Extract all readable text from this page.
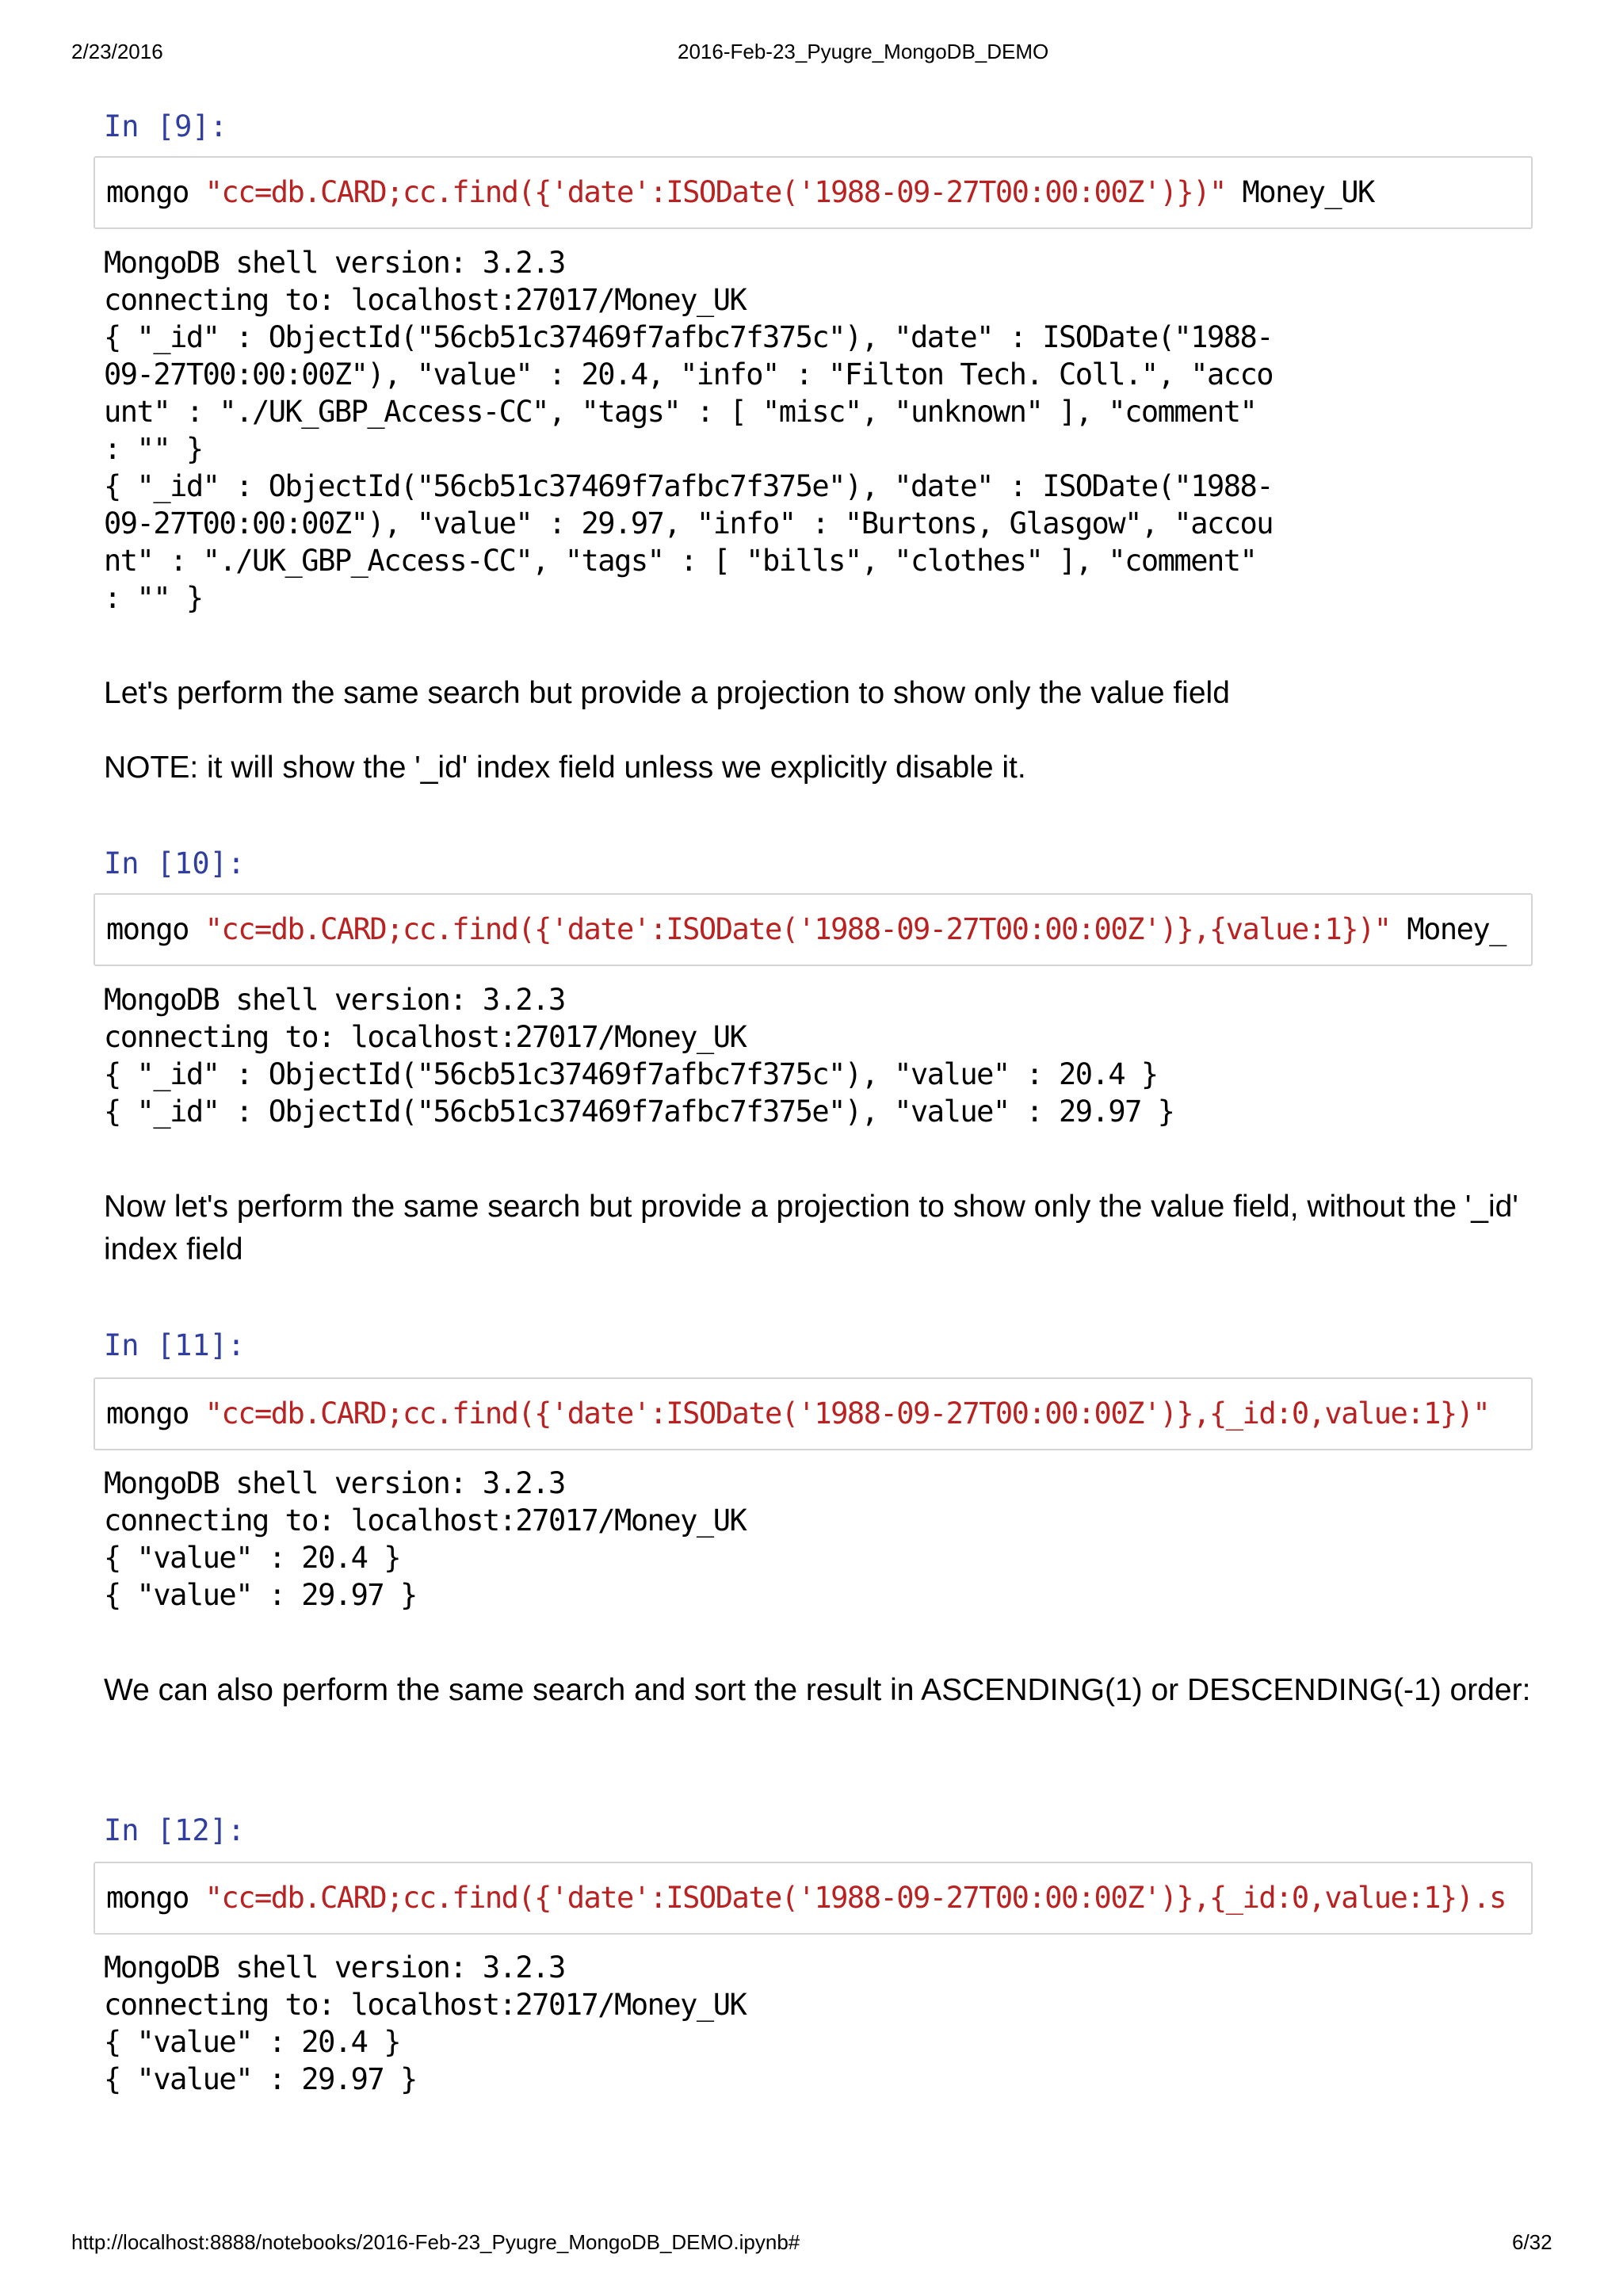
2/23/2016	2016-Feb-23_Pyugre_MongoDB_DEMO
In [9]:
mongo "cc=db.CARD;cc.find({'date':ISODate('1988-09-27T00:00:00Z')})" Money_UK
MongoDB shell version: 3.2.3
connecting to: localhost:27017/Money_UK
{ "_id" : ObjectId("56cb51c37469f7afbc7f375c"), "date" : ISODate("1988-
09-27T00:00:00Z"), "value" : 20.4, "info" : "Filton Tech. Coll.", "acco
unt" : "./UK_GBP_Access-CC", "tags" : [ "misc", "unknown" ], "comment"
: "" }
{ "_id" : ObjectId("56cb51c37469f7afbc7f375e"), "date" : ISODate("1988-
09-27T00:00:00Z"), "value" : 29.97, "info" : "Burtons, Glasgow", "accou
nt" : "./UK_GBP_Access-CC", "tags" : [ "bills", "clothes" ], "comment"
: "" }

Let's perform the same search but provide a projection to show only the value field

NOTE: it will show the '_id' index field unless we explicitly disable it.

In [10]:
mongo "cc=db.CARD;cc.find({'date':ISODate('1988-09-27T00:00:00Z')},{value:1})" Money_
MongoDB shell version: 3.2.3
connecting to: localhost:27017/Money_UK
{ "_id" : ObjectId("56cb51c37469f7afbc7f375c"), "value" : 20.4 }
{ "_id" : ObjectId("56cb51c37469f7afbc7f375e"), "value" : 29.97 }

Now let's perform the same search but provide a projection to show only the value field, without the '_id' index field

In [11]:
mongo "cc=db.CARD;cc.find({'date':ISODate('1988-09-27T00:00:00Z')},{_id:0,value:1})"
MongoDB shell version: 3.2.3
connecting to: localhost:27017/Money_UK
{ "value" : 20.4 }
{ "value" : 29.97 }

We can also perform the same search and sort the result in ASCENDING(1) or DESCENDING(-1) order:

In [12]:
mongo "cc=db.CARD;cc.find({'date':ISODate('1988-09-27T00:00:00Z')},{_id:0,value:1}).s
MongoDB shell version: 3.2.3
connecting to: localhost:27017/Money_UK
{ "value" : 20.4 }
{ "value" : 29.97 }
http://localhost:8888/notebooks/2016-Feb-23_Pyugre_MongoDB_DEMO.ipynb#	6/32
